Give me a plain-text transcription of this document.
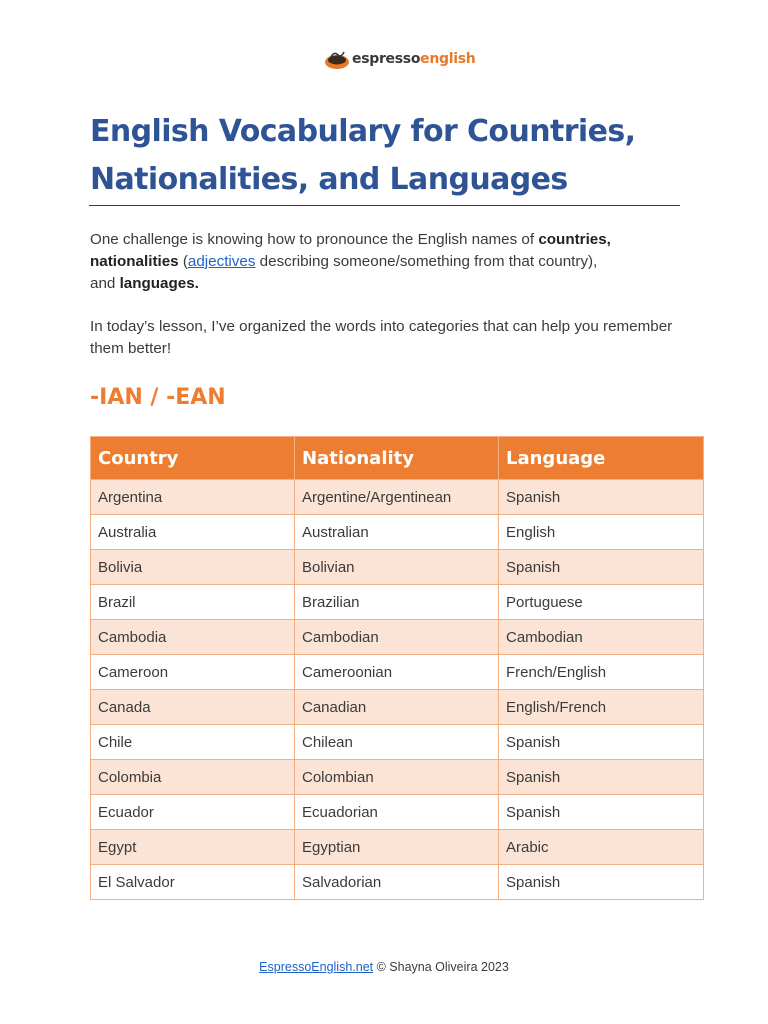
espressoenglish
English Vocabulary for Countries,
Nationalities, and Languages

One challenge is knowing how to pronounce the English names of countries,
nationalities (adjectives describing someone/something from that country),
and languages.

In today’s lesson, I’ve organized the words into categories that can help you remember them better!

-IAN / -EAN
Country	Nationality	Language
Argentina	Argentine/Argentinean	Spanish
Australia	Australian	English
Bolivia	Bolivian	Spanish
Brazil	Brazilian	Portuguese
Cambodia	Cambodian	Cambodian
Cameroon	Cameroonian	French/English
Canada	Canadian	English/French
Chile	Chilean	Spanish
Colombia	Colombian	Spanish
Ecuador	Ecuadorian	Spanish
Egypt	Egyptian	Arabic
El Salvador	Salvadorian	Spanish
EspressoEnglish.net © Shayna Oliveira 2023
